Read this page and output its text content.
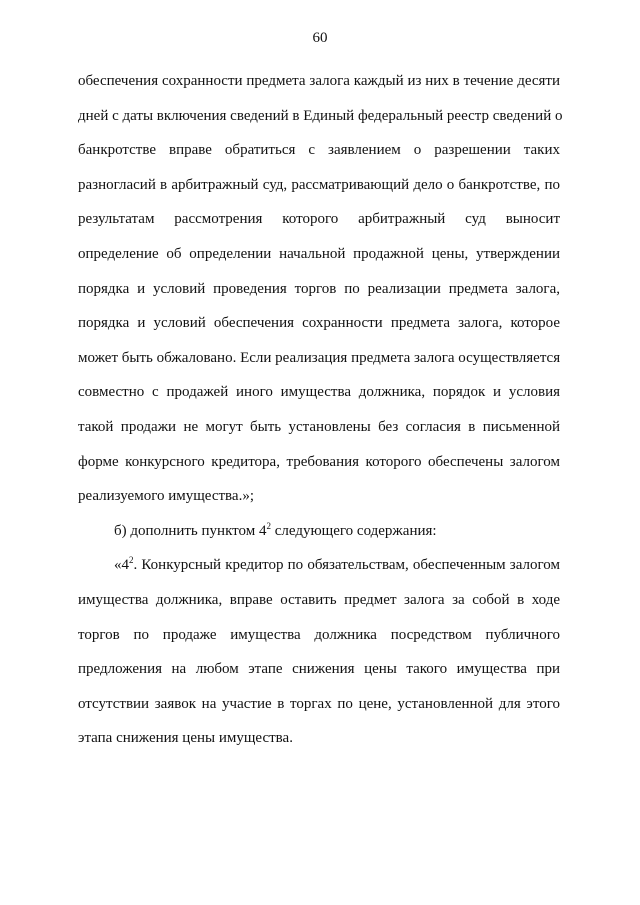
60
обеспечения сохранности предмета залога каждый из них в течение десяти
дней с даты включения сведений в Единый федеральный реестр сведений о
банкротстве вправе обратиться с заявлением о разрешении таких
разногласий в арбитражный суд, рассматривающий дело о банкротстве, по
результатам рассмотрения которого арбитражный суд выносит
определение об определении начальной продажной цены, утверждении
порядка и условий проведения торгов по реализации предмета залога,
порядка и условий обеспечения сохранности предмета залога, которое
может быть обжаловано. Если реализация предмета залога осуществляется
совместно с продажей иного имущества должника, порядок и условия
такой продажи не могут быть установлены без согласия в письменной
форме конкурсного кредитора, требования которого обеспечены залогом
реализуемого имущества.»;
б) дополнить пунктом $4^2$ следующего содержания:
«$4^2$. Конкурсный кредитор по обязательствам, обеспеченным залогом
имущества должника, вправе оставить предмет залога за собой в ходе
торгов по продаже имущества должника посредством публичного
предложения на любом этапе снижения цены такого имущества при
отсутствии заявок на участие в торгах по цене, установленной для этого
этапа снижения цены имущества.
